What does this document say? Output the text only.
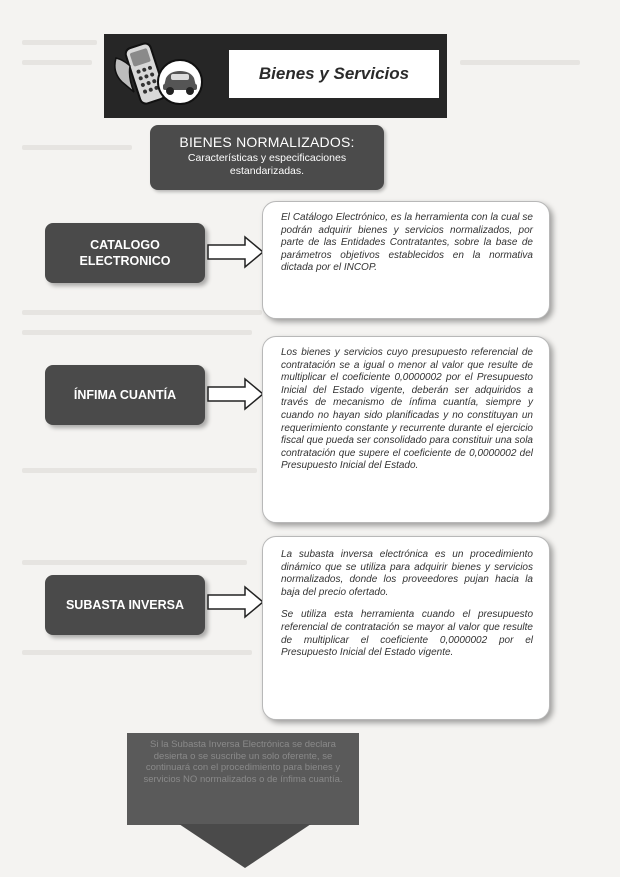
Bienes y Servicios
BIENES NORMALIZADOS:
Características y especificaciones estandarizadas.
CATALOGO ELECTRONICO

El Catálogo Electrónico, es la herramienta con la cual se podrán adquirir bienes y servicios normalizados, por parte de las Entidades Contratantes, sobre la base de parámetros objetivos establecidos en la normativa dictada por el INCOP.

ÍNFIMA CUANTÍA

Los bienes y servicios cuyo presupuesto referencial de contratación se a igual o menor al valor que resulte de multiplicar el coeficiente 0,0000002 por el Presupuesto Inicial del Estado vigente, deberán ser adquiridos a través de mecanismo de ínfima cuantía, siempre y cuando no hayan sido planificadas y no constituyan un requerimiento constante y recurrente durante el ejercicio fiscal que pueda ser consolidado para constituir una sola contratación que supere el coeficiente de 0,0000002 del Presupuesto Inicial del Estado.

SUBASTA INVERSA

La subasta inversa electrónica es un procedimiento dinámico que se utiliza para adquirir bienes y servicios normalizados, donde los proveedores pujan hacia la baja del precio ofertado.

Se utiliza esta herramienta cuando el presupuesto referencial de contratación se mayor al valor que resulte de multiplicar el coeficiente 0,0000002 por el Presupuesto Inicial del Estado vigente.

Si la Subasta Inversa Electrónica se declara desierta o se suscribe un solo oferente, se continuará con el procedimiento para bienes y servicios NO normalizados o de ínfima cuantía.
